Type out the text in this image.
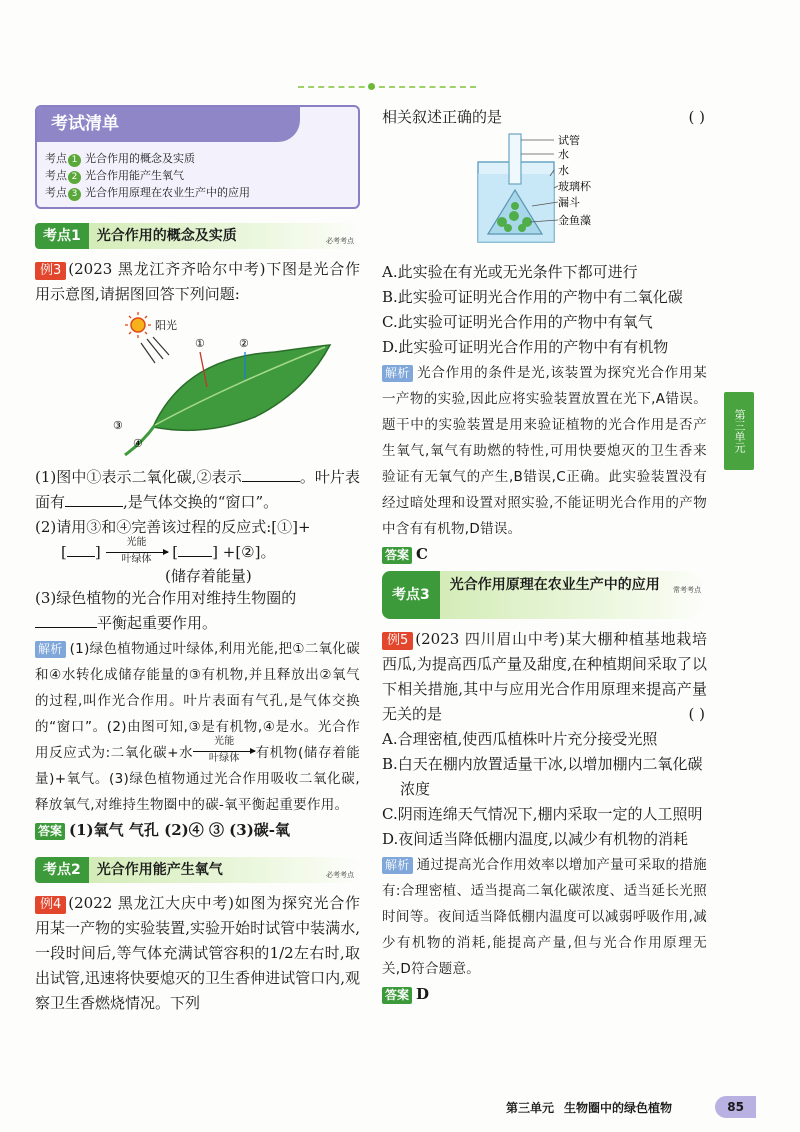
考试清单
考点 1 光合作用的概念及实质
考点 2 光合作用能产生氧气
考点 3 光合作用原理在农业生产中的应用
考点1	光合作用的概念及实质	必考考点
例3 (2023 黑龙江齐齐哈尔中考)下图是光合作用示意图,请据图回答下列问题:
阳光
①	②
③
④
(1)图中①表示二氧化碳,②表示	。叶片表面有	,是气体交换的“窗口”。
(2)请用③和④完善该过程的反应式:[①]+
[ ]
光能
叶绿体	[ ] +[②]。
(储存着能量)
(3)绿色植物的光合作用对维持生物圈的
平衡起重要作用。
解析 (1)绿色植物通过叶绿体,利用光能,把①二氧化碳和④水转化成储存能量的③有机物,并且释放出②氧气的过程,叫作光合作用。叶片表面有气孔,是气体交换的“窗口”。(2)由图可知,③是有机物,④是水。光合作用反应式为:二氧化碳+水
光能
叶绿体	有机物(储存着能量)+氧气。(3)绿色植物通过光合作用吸收二氧化碳,释放氧气,对维持生物圈中的碳-氧平衡起重要作用。
答案 (1)氧气 气孔 (2)④ ③ (3)碳-氧
考点2	光合作用能产生氧气	必考考点
例4 (2022 黑龙江大庆中考)如图为探究光合作用某一产物的实验装置,实验开始时试管中装满水,一段时间后,等气体充满试管容积的1/2左右时,取出试管,迅速将快要熄灭的卫生香伸进试管口内,观察卫生香燃烧情况。下列
相关叙述正确的是	( )
试管
水
水
玻璃杯
漏斗
金鱼藻
A.此实验在有光或无光条件下都可进行
B.此实验可证明光合作用的产物中有二氧化碳
C.此实验可证明光合作用的产物中有氧气
D.此实验可证明光合作用的产物中有有机物
解析 光合作用的条件是光,该装置为探究光合作用某一产物的实验,因此应将实验装置放置在光下,A错误。题干中的实验装置是用来验证植物的光合作用是否产生氧气,氧气有助燃的特性,可用快要熄灭的卫生香来验证有无氧气的产生,B错误,C正确。此实验装置没有经过暗处理和设置对照实验,不能证明光合作用的产物中含有有机物,D错误。
答案 C
考点3
光合作用原理在农业生产中的应用 常考考点
例5 (2023 四川眉山中考)某大棚种植基地栽培西瓜,为提高西瓜产量及甜度,在种植期间采取了以下相关措施,其中与应用光合作用原理来提高产量无关的是	( )
A.合理密植,使西瓜植株叶片充分接受光照
B.白天在棚内放置适量干冰,以增加棚内二氧化碳浓度
C.阴雨连绵天气情况下,棚内采取一定的人工照明
D.夜间适当降低棚内温度,以减少有机物的消耗
解析 通过提高光合作用效率以增加产量可采取的措施有:合理密植、适当提高二氧化碳浓度、适当延长光照时间等。夜间适当降低棚内温度可以减弱呼吸作用,减少有机物的消耗,能提高产量,但与光合作用原理无关,D符合题意。
答案 D
第三单元
第三单元 生物圈中的绿色植物	85
